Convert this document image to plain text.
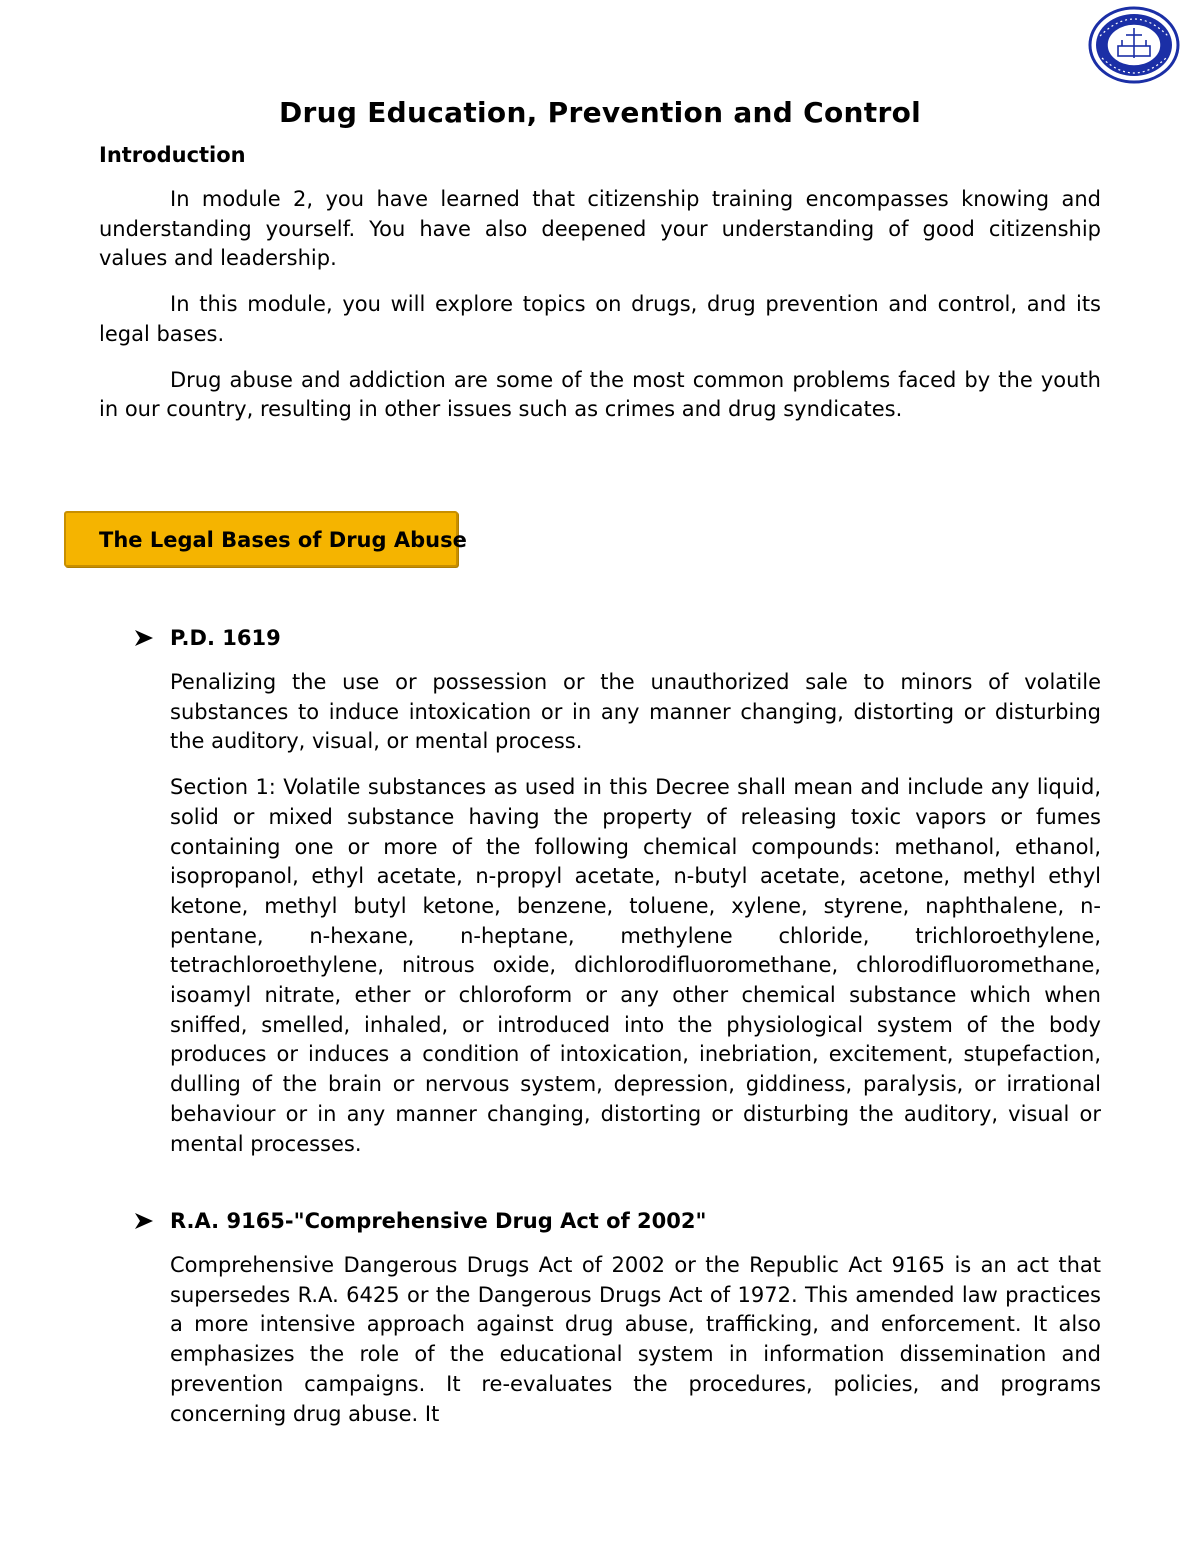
Drug Education, Prevention and Control
Introduction

In module 2, you have learned that citizenship training encompasses knowing and understanding yourself. You have also deepened your understanding of good citizenship values and leadership.

In this module, you will explore topics on drugs, drug prevention and control, and its legal bases.

Drug abuse and addiction are some of the most common problems faced by the youth in our country, resulting in other issues such as crimes and drug syndicates.

The Legal Bases of Drug Abuse
P.D. 1619

Penalizing the use or possession or the unauthorized sale to minors of volatile substances to induce intoxication or in any manner changing, distorting or disturbing the auditory, visual, or mental process.

Section 1: Volatile substances as used in this Decree shall mean and include any liquid, solid or mixed substance having the property of releasing toxic vapors or fumes containing one or more of the following chemical compounds: methanol, ethanol, isopropanol, ethyl acetate, n-propyl acetate, n-butyl acetate, acetone, methyl ethyl ketone, methyl butyl ketone, benzene, toluene, xylene, styrene, naphthalene, n-pentane, n-hexane, n-heptane, methylene chloride, trichloroethylene, tetrachloroethylene, nitrous oxide, dichlorodifluoromethane, chlorodifluoromethane, isoamyl nitrate, ether or chloroform or any other chemical substance which when sniffed, smelled, inhaled, or introduced into the physiological system of the body produces or induces a condition of intoxication, inebriation, excitement, stupefaction, dulling of the brain or nervous system, depression, giddiness, paralysis, or irrational behaviour or in any manner changing, distorting or disturbing the auditory, visual or mental processes.

R.A. 9165-"Comprehensive Drug Act of 2002"

Comprehensive Dangerous Drugs Act of 2002 or the Republic Act 9165 is an act that supersedes R.A. 6425 or the Dangerous Drugs Act of 1972. This amended law practices a more intensive approach against drug abuse, trafficking, and enforcement. It also emphasizes the role of the educational system in information dissemination and prevention campaigns. It re-evaluates the procedures, policies, and programs concerning drug abuse. It
